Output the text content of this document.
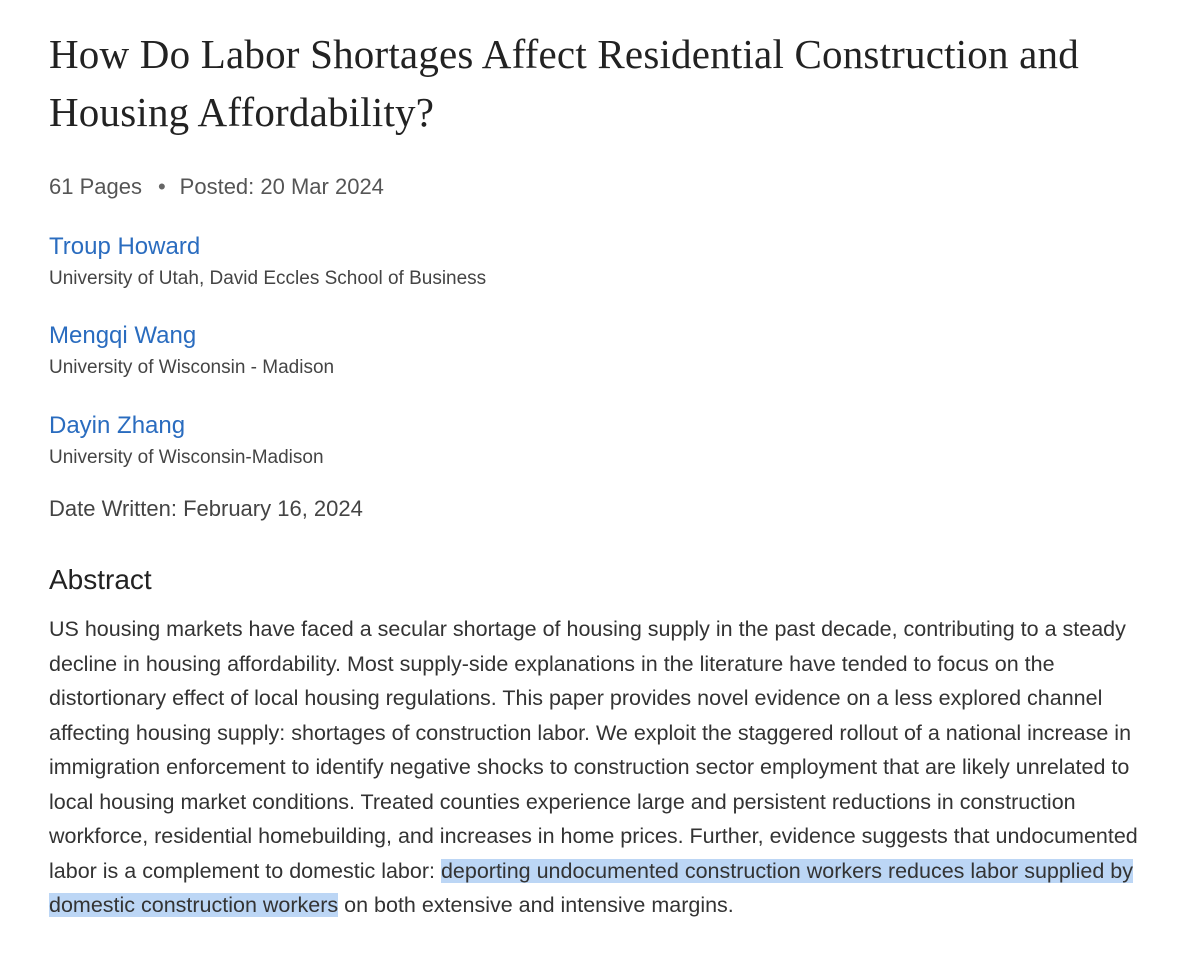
How Do Labor Shortages Affect Residential Construction and Housing Affordability?
61 Pages • Posted: 20 Mar 2024
Troup Howard
University of Utah, David Eccles School of Business
Mengqi Wang
University of Wisconsin - Madison
Dayin Zhang
University of Wisconsin-Madison
Date Written: February 16, 2024
Abstract

US housing markets have faced a secular shortage of housing supply in the past decade, contributing to a steady decline in housing affordability. Most supply-side explanations in the literature have tended to focus on the distortionary effect of local housing regulations. This paper provides novel evidence on a less explored channel affecting housing supply: shortages of construction labor. We exploit the staggered rollout of a national increase in immigration enforcement to identify negative shocks to construction sector employment that are likely unrelated to local housing market conditions. Treated counties experience large and persistent reductions in construction workforce, residential homebuilding, and increases in home prices. Further, evidence suggests that undocumented labor is a complement to domestic labor: deporting undocumented construction workers reduces labor supplied by domestic construction workers on both extensive and intensive margins.
